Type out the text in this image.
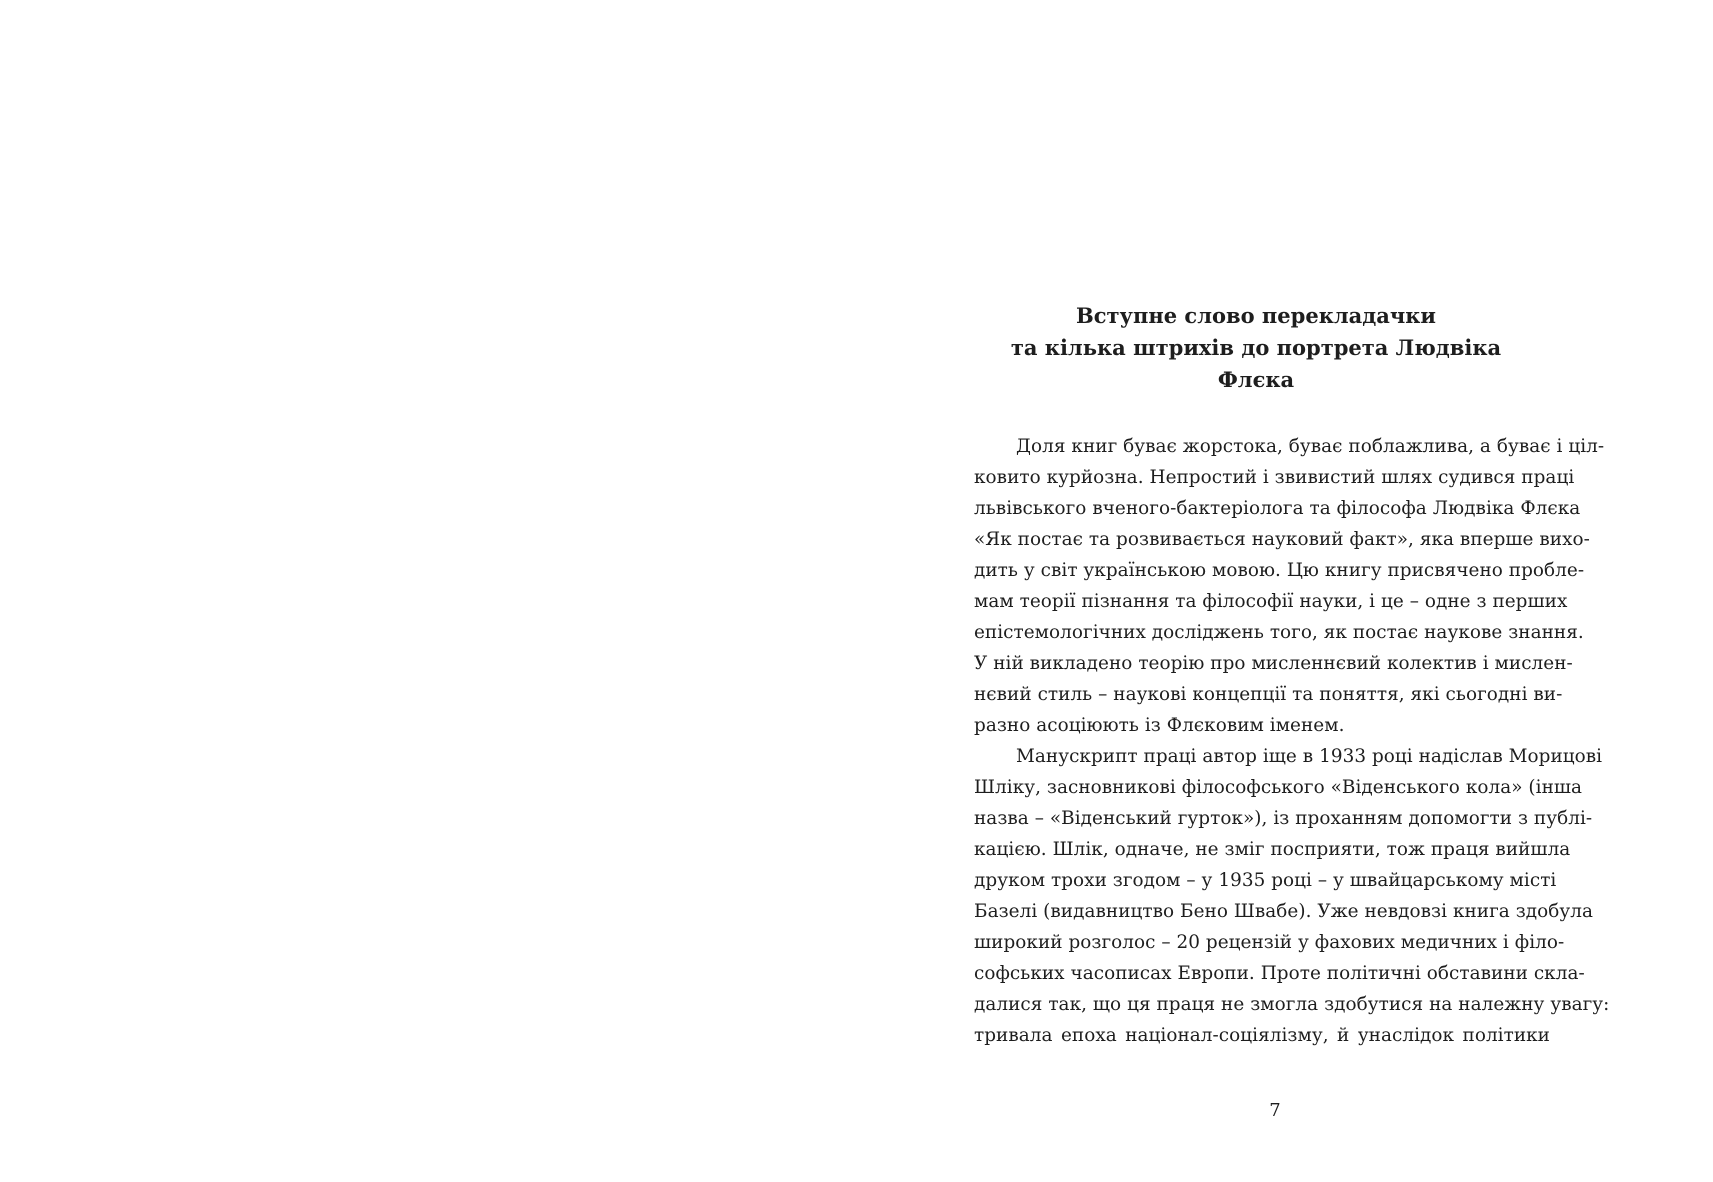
Вступне слово перекладачки
та кілька штрихів до портрета Людвіка Флєка
Доля книг буває жорстока, буває поблажлива, а буває і ціл-
ковито курйозна. Непростий і звивистий шлях судився праці
львівського вченого-бактеріолога та філософа Людвіка Флєка
«Як постає та розвивається науковий факт», яка вперше вихо-
дить у світ українською мовою. Цю книгу присвячено пробле-
мам теорії пізнання та філософії науки, і це – одне з перших
епістемологічних досліджень того, як постає наукове знання.
У ній викладено теорію про мисленнєвий колектив і мислен-
нєвий стиль – наукові концепції та поняття, які сьогодні ви-
разно асоціюють із Флєковим іменем.
Манускрипт праці автор іще в 1933 році надіслав Морицові
Шліку, засновникові філософського «Віденського кола» (інша
назва – «Віденський гурток»), із проханням допомогти з публі-
кацією. Шлік, одначе, не зміг посприяти, тож праця вийшла
друком трохи згодом – у 1935 році – у швайцарському місті
Базелі (видавництво Бено Швабе). Уже невдовзі книга здобула
широкий розголос – 20 рецензій у фахових медичних і філо-
софських часописах Европи. Проте політичні обставини скла-
далися так, що ця праця не змогла здобутися на належну увагу:
тривала епоха націонал-соціялізму, й унаслідок політики
7
